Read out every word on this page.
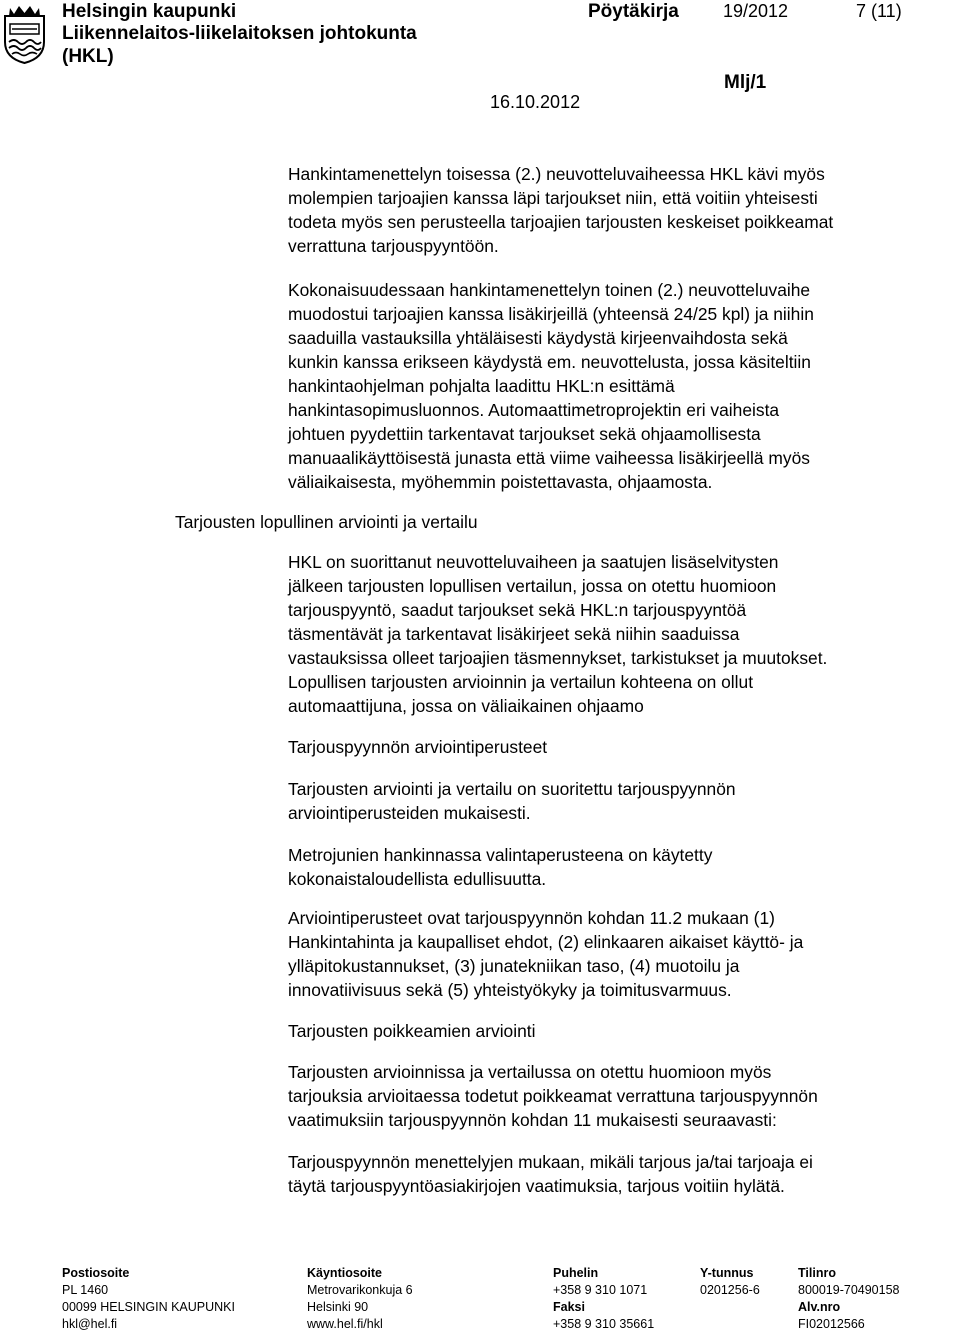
Helsingin kaupunki
Liikennelaitos-liikelaitoksen johtokunta
(HKL)
Pöytäkirja 19/2012	7 (11)
Mlj/1
16.10.2012
Hankintamenettelyn toisessa (2.) neuvotteluvaiheessa HKL kävi myös
molempien tarjoajien kanssa läpi tarjoukset niin, että voitiin yhteisesti
todeta myös sen perusteella tarjoajien tarjousten keskeiset poikkeamat
verrattuna tarjouspyyntöön.
Kokonaisuudessaan hankintamenettelyn toinen (2.) neuvotteluvaihe
muodostui tarjoajien kanssa lisäkirjeillä (yhteensä 24/25 kpl) ja niihin
saaduilla vastauksilla yhtäläisesti käydystä kirjeenvaihdosta sekä
kunkin kanssa erikseen käydystä em. neuvottelusta, jossa käsiteltiin
hankintaohjelman pohjalta laadittu HKL:n esittämä
hankintasopimusluonnos. Automaattimetroprojektin eri vaiheista
johtuen pyydettiin tarkentavat tarjoukset sekä ohjaamollisesta
manuaalikäyttöisestä junasta että viime vaiheessa lisäkirjeellä myös
väliaikaisesta, myöhemmin poistettavasta, ohjaamosta.
Tarjousten lopullinen arviointi ja vertailu
HKL on suorittanut neuvotteluvaiheen ja saatujen lisäselvitysten
jälkeen tarjousten lopullisen vertailun, jossa on otettu huomioon
tarjouspyyntö, saadut tarjoukset sekä HKL:n tarjouspyyntöä
täsmentävät ja tarkentavat lisäkirjeet sekä niihin saaduissa
vastauksissa olleet tarjoajien täsmennykset, tarkistukset ja muutokset.
Lopullisen tarjousten arvioinnin ja vertailun kohteena on ollut
automaattijuna, jossa on väliaikainen ohjaamo
Tarjouspyynnön arviointiperusteet
Tarjousten arviointi ja vertailu on suoritettu tarjouspyynnön
arviointiperusteiden mukaisesti.
Metrojunien hankinnassa valintaperusteena on käytetty
kokonaistaloudellista edullisuutta.
Arviointiperusteet ovat tarjouspyynnön kohdan 11.2 mukaan (1)
Hankintahinta ja kaupalliset ehdot, (2) elinkaaren aikaiset käyttö- ja
ylläpitokustannukset, (3) junatekniikan taso, (4) muotoilu ja
innovatiivisuus sekä (5) yhteistyökyky ja toimitusvarmuus.
Tarjousten poikkeamien arviointi
Tarjousten arvioinnissa ja vertailussa on otettu huomioon myös
tarjouksia arvioitaessa todetut poikkeamat verrattuna tarjouspyynnön
vaatimuksiin tarjouspyynnön kohdan 11 mukaisesti seuraavasti:
Tarjouspyynnön menettelyjen mukaan, mikäli tarjous ja/tai tarjoaja ei
täytä tarjouspyyntöasiakirjojen vaatimuksia, tarjous voitiin hylätä.
Postiosoite
PL 1460
00099 HELSINGIN KAUPUNKI
hkl@hel.fi
Käyntiosoite
Metrovarikonkuja 6
Helsinki 90
www.hel.fi/hkl
Puhelin
+358 9 310 1071
Faksi
+358 9 310 35661
Y-tunnus
0201256-6
Tilinro
800019-70490158
Alv.nro
FI02012566
